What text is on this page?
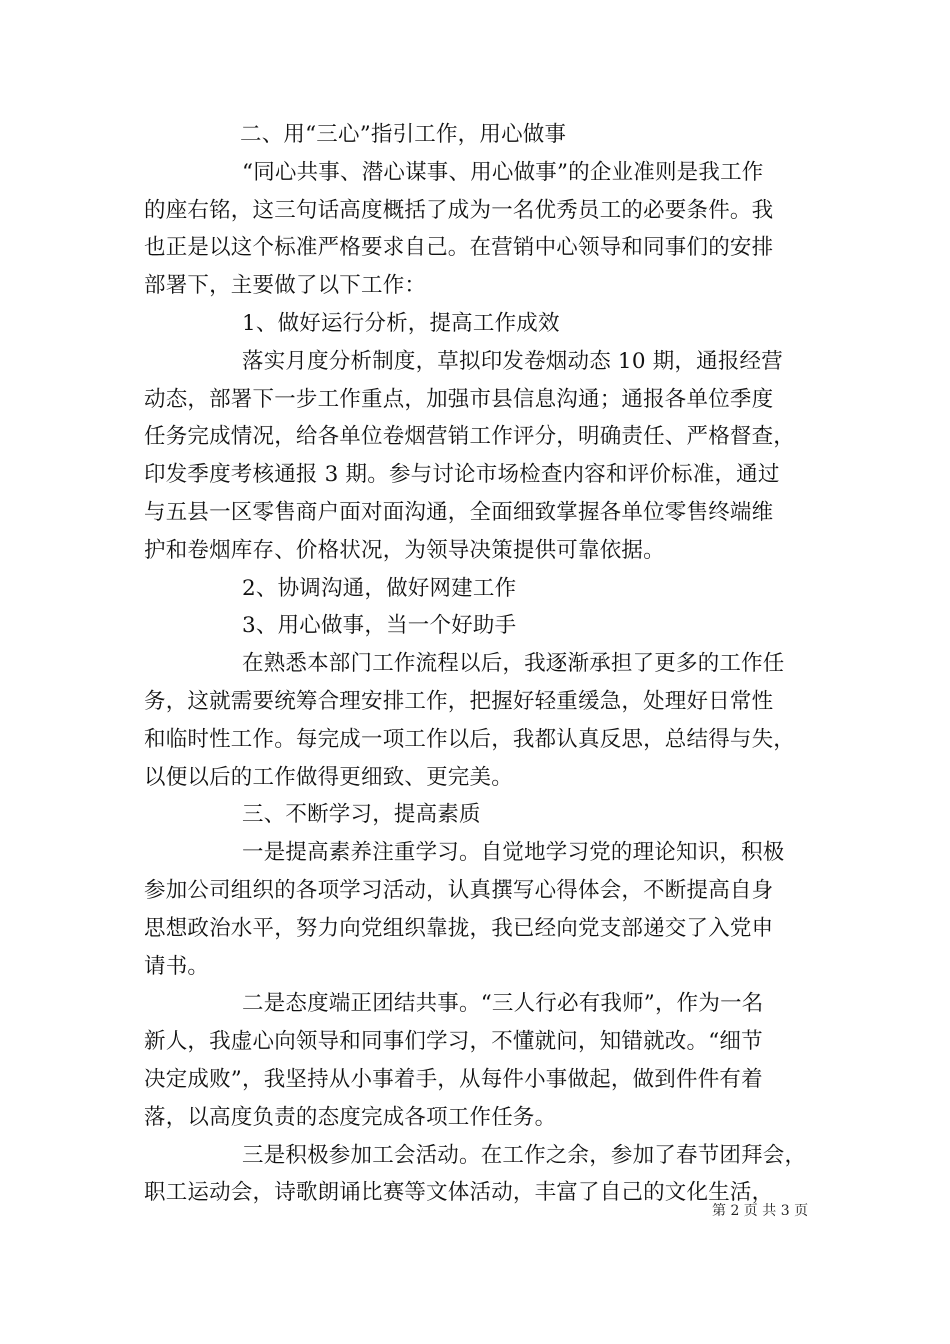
二、用“三心”指引工作，用心做事
“同心共事、潜心谋事、用心做事”的企业准则是我工作
的座右铭，这三句话高度概括了成为一名优秀员工的必要条件。我
也正是以这个标准严格要求自己。在营销中心领导和同事们的安排
部署下，主要做了以下工作：
1、做好运行分析，提高工作成效
落实月度分析制度，草拟印发卷烟动态 10 期，通报经营
动态，部署下一步工作重点，加强市县信息沟通；通报各单位季度
任务完成情况，给各单位卷烟营销工作评分，明确责任、严格督查，
印发季度考核通报 3 期。参与讨论市场检查内容和评价标准，通过
与五县一区零售商户面对面沟通，全面细致掌握各单位零售终端维
护和卷烟库存、价格状况，为领导决策提供可靠依据。
2、协调沟通，做好网建工作
3、用心做事，当一个好助手
在熟悉本部门工作流程以后，我逐渐承担了更多的工作任
务，这就需要统筹合理安排工作，把握好轻重缓急，处理好日常性
和临时性工作。每完成一项工作以后，我都认真反思，总结得与失，
以便以后的工作做得更细致、更完美。
三、不断学习，提高素质
一是提高素养注重学习。自觉地学习党的理论知识，积极
参加公司组织的各项学习活动，认真撰写心得体会，不断提高自身
思想政治水平，努力向党组织靠拢，我已经向党支部递交了入党申
请书。
二是态度端正团结共事。“三人行必有我师”，作为一名
新人，我虚心向领导和同事们学习，不懂就问，知错就改。“细节
决定成败”，我坚持从小事着手，从每件小事做起，做到件件有着
落，以高度负责的态度完成各项工作任务。
三是积极参加工会活动。在工作之余，参加了春节团拜会，
职工运动会，诗歌朗诵比赛等文体活动，丰富了自己的文化生活，
第 2 页 共 3 页
